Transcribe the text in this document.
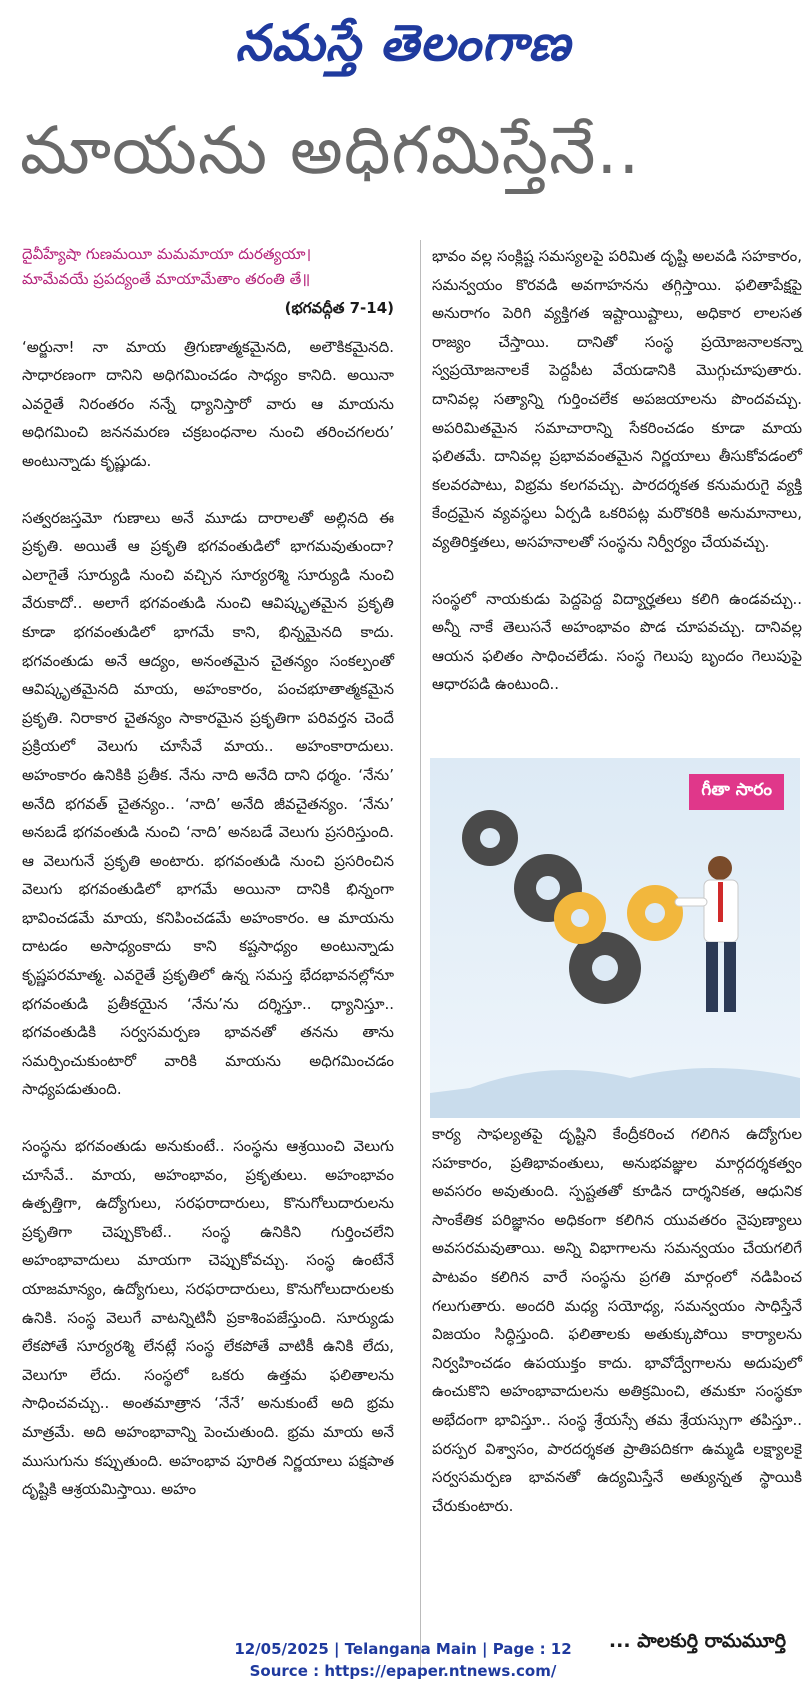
నమస్తే తెలంగాణ
మాయను అధిగమిస్తేనే..
దైవీహ్యేషా గుణమయీ మమమాయా దురత్యయా।
మామేవయే ప్రపద్యంతే మాయామేతాం తరంతి తే॥
(భగవద్గీత 7-14)

‘అర్జునా! నా మాయ త్రిగుణాత్మకమైనది, అలౌకికమైనది. సాధారణంగా దానిని అధిగమించడం సాధ్యం కానిది. అయినా ఎవరైతే నిరంతరం నన్నే ధ్యానిస్తారో వారు ఆ మాయను అధిగమించి జననమరణ చక్రబంధనాల నుంచి తరించగలరు’ అంటున్నాడు కృష్ణుడు.

సత్వరజస్తమో గుణాలు అనే మూడు దారాలతో అల్లినది ఈ ప్రకృతి. అయితే ఆ ప్రకృతి భగవంతుడిలో భాగమవుతుందా? ఎలాగైతే సూర్యుడి నుంచి వచ్చిన సూర్యరశ్మి సూర్యుడి నుంచి వేరుకాదో.. అలాగే భగవంతుడి నుంచి ఆవిష్కృతమైన ప్రకృతి కూడా భగవంతుడిలో భాగమే కాని, భిన్నమైనది కాదు. భగవంతుడు అనే ఆద్యం, అనంతమైన చైతన్యం సంకల్పంతో ఆవిష్కృతమైనది మాయ, అహంకారం, పంచభూతాత్మకమైన ప్రకృతి. నిరాకార చైతన్యం సాకారమైన ప్రకృతిగా పరివర్తన చెందే ప్రక్రియలో వెలుగు చూసేవే మాయ.. అహంకారాదులు. అహంకారం ఉనికికి ప్రతీక. నేను నాది అనేది దాని ధర్మం. ‘నేను’ అనేది భగవత్ చైతన్యం.. ‘నాది’ అనేది జీవచైతన్యం. ‘నేను’ అనబడే భగవంతుడి నుంచి ‘నాది’ అనబడే వెలుగు ప్రసరిస్తుంది. ఆ వెలుగునే ప్రకృతి అంటారు. భగవంతుడి నుంచి ప్రసరించిన వెలుగు భగవంతుడిలో భాగమే అయినా దానికి భిన్నంగా భావించడమే మాయ, కనిపించడమే అహంకారం. ఆ మాయను దాటడం అసాధ్యంకాదు కాని కష్టసాధ్యం అంటున్నాడు కృష్ణపరమాత్మ. ఎవరైతే ప్రకృతిలో ఉన్న సమస్త భేదభావనల్లోనూ భగవంతుడి ప్రతీకయైన ‘నేను’ను దర్శిస్తూ.. ధ్యానిస్తూ.. భగవంతుడికి సర్వసమర్పణ భావనతో తనను తాను సమర్పించుకుంటారో వారికి మాయను అధిగమించడం సాధ్యపడుతుంది.

సంస్థను భగవంతుడు అనుకుంటే.. సంస్థను ఆశ్రయించి వెలుగు చూసేవే.. మాయ, అహంభావం, ప్రకృతులు. అహంభావం ఉత్పత్తిగా, ఉద్యోగులు, సరఫరాదారులు, కొనుగోలుదారులను ప్రకృతిగా చెప్పుకొంటే.. సంస్థ ఉనికిని గుర్తించలేని అహంభావాదులు మాయగా చెప్పుకోవచ్చు. సంస్థ ఉంటేనే యాజమాన్యం, ఉద్యోగులు, సరఫరాదారులు, కొనుగోలుదారులకు ఉనికి. సంస్థ వెలుగే వాటన్నిటినీ ప్రకాశింపజేస్తుంది. సూర్యుడు లేకపోతే సూర్యరశ్మి లేనట్లే సంస్థ లేకపోతే వాటికీ ఉనికి లేదు, వెలుగూ లేదు. సంస్థలో ఒకరు ఉత్తమ ఫలితాలను సాధించవచ్చు.. అంతమాత్రాన ‘నేనే’ అనుకుంటే అది భ్రమ మాత్రమే. అది అహంభావాన్ని పెంచుతుంది. భ్రమ మాయ అనే ముసుగును కప్పుతుంది. అహంభావ పూరిత నిర్ణయాలు పక్షపాత దృష్టికి ఆశ్రయమిస్తాయి. అహం

భావం వల్ల సంక్లిష్ట సమస్యలపై పరిమిత దృష్టి అలవడి సహకారం, సమన్వయం కొరవడి అవగాహనను తగ్గిస్తాయి. ఫలితాపేక్షపై అనురాగం పెరిగి వ్యక్తిగత ఇష్టాయిష్టాలు, అధికార లాలసత రాజ్యం చేస్తాయి. దానితో సంస్థ ప్రయోజనాలకన్నా స్వప్రయోజనాలకే పెద్దపీట వేయడానికి మొగ్గుచూపుతారు. దానివల్ల సత్యాన్ని గుర్తించలేక అపజయాలను పొందవచ్చు. అపరిమితమైన సమాచారాన్ని సేకరించడం కూడా మాయ ఫలితమే. దానివల్ల ప్రభావవంతమైన నిర్ణయాలు తీసుకోవడంలో కలవరపాటు, విభ్రమ కలగవచ్చు. పారదర్శకత కనుమరుగై వ్యక్తి కేంద్రమైన వ్యవస్థలు ఏర్పడి ఒకరిపట్ల మరొకరికి అనుమానాలు, వ్యతిరిక్తతలు, అసహనాలతో సంస్థను నిర్వీర్యం చేయవచ్చు.

సంస్థలో నాయకుడు పెద్దపెద్ద విద్యార్హతలు కలిగి ఉండవచ్చు.. అన్నీ నాకే తెలుసనే అహంభావం పొడ చూపవచ్చు. దానివల్ల ఆయన ఫలితం సాధించలేడు. సంస్థ గెలుపు బృందం గెలుపుపై ఆధారపడి ఉంటుంది..

గీతా సారం

కార్య సాఫల్యతపై దృష్టిని కేంద్రీకరించ గలిగిన ఉద్యోగుల సహకారం, ప్రతిభావంతులు, అనుభవజ్ఞుల మార్గదర్శకత్వం అవసరం అవుతుంది. స్పష్టతతో కూడిన దార్శనికత, ఆధునిక సాంకేతిక పరిజ్ఞానం అధికంగా కలిగిన యువతరం నైపుణ్యాలు అవసరమవుతాయి. అన్ని విభాగాలను సమన్వయం చేయగలిగే పాటవం కలిగిన వారే సంస్థను ప్రగతి మార్గంలో నడిపించ గలుగుతారు. అందరి మధ్య సయోధ్య, సమన్వయం సాధిస్తేనే విజయం సిద్ధిస్తుంది. ఫలితాలకు అతుక్కుపోయి కార్యాలను నిర్వహించడం ఉపయుక్తం కాదు. భావోద్వేగాలను అదుపులో ఉంచుకొని అహంభావాదులను అతిక్రమించి, తమకూ సంస్థకూ అభేదంగా భావిస్తూ.. సంస్థ శ్రేయస్సే తమ శ్రేయస్సుగా తపిస్తూ.. పరస్పర విశ్వాసం, పారదర్శకత ప్రాతిపదికగా ఉమ్మడి లక్ష్యాలకై సర్వసమర్పణ భావనతో ఉద్యమిస్తేనే అత్యున్నత స్థాయికి చేరుకుంటారు.

... పాలకుర్తి రామమూర్తి
12/05/2025 | Telangana Main | Page : 12
Source : https://epaper.ntnews.com/
